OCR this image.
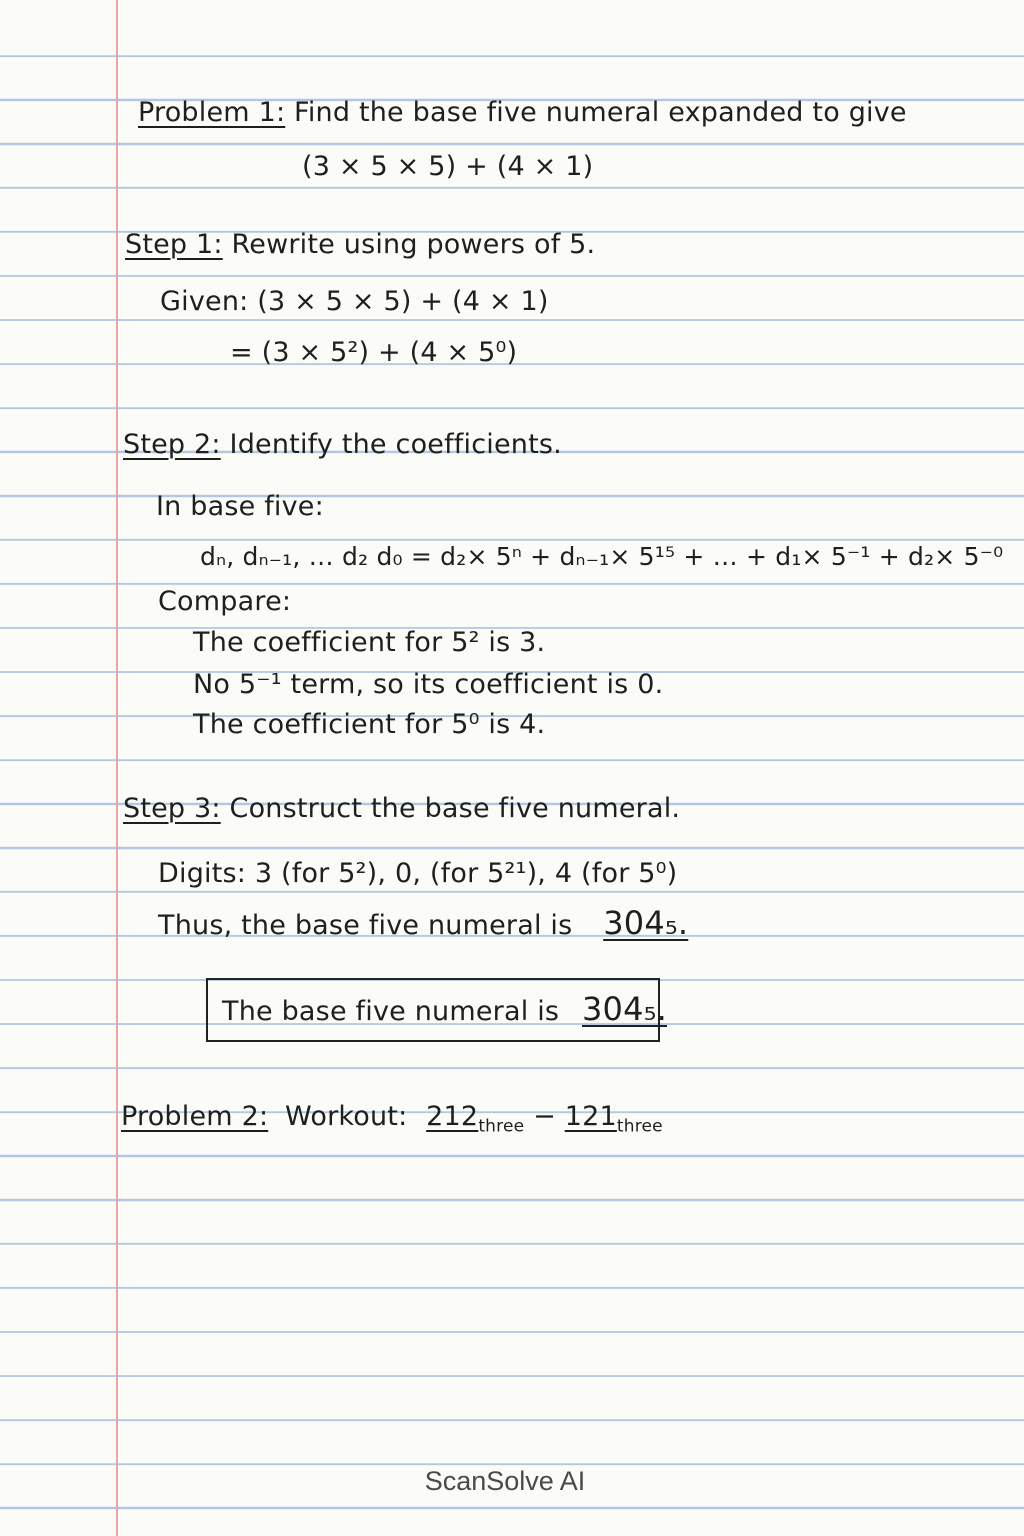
Problem 1: Find the base five numeral expanded to give

(3 × 5 × 5) + (4 × 1)

Step 1: Rewrite using powers of 5.

Given: (3 × 5 × 5) + (4 × 1)

= (3 × 5²) + (4 × 5⁰)

Step 2: Identify the coefficients.

In base five:

dₙ, dₙ₋₁, … d₂ d₀ = d₂× 5ⁿ + dₙ₋₁× 5¹⁵ + … + d₁× 5⁻¹ + d₂× 5⁻⁰

Compare:

The coefficient for 5² is 3.

No 5⁻¹ term, so its coefficient is 0.

The coefficient for 5⁰ is 4.

Step 3: Construct the base five numeral.

Digits: 3 (for 5²), 0, (for 5²¹), 4 (for 5⁰)

Thus, the base five numeral is 304₅.

The base five numeral is 304₅.

Problem 2: Workout: $212_{three} - 121_{three}$

ScanSolve AI
